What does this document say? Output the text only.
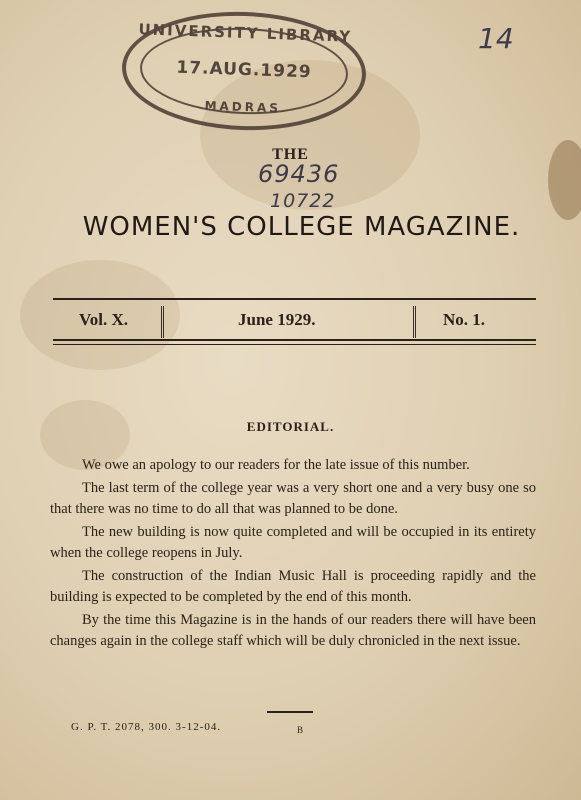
UNIVERSITY LIBRARY
17.AUG.1929
MADRAS
14
69436
10722
THE
WOMEN'S COLLEGE MAGAZINE.
Vol. X.	June 1929.	No. 1.
EDITORIAL.

We owe an apology to our readers for the late issue of this number.

The last term of the college year was a very short one and a very busy one so that there was no time to do all that was planned to be done.

The new building is now quite completed and will be occupied in its entirety when the college reopens in July.

The construction of the Indian Music Hall is proceeding rapidly and the building is expected to be completed by the end of this month.

By the time this Magazine is in the hands of our readers there will have been changes again in the college staff which will be duly chronicled in the next issue.

G. P. T. 2078, 300. 3-12-04.	B
